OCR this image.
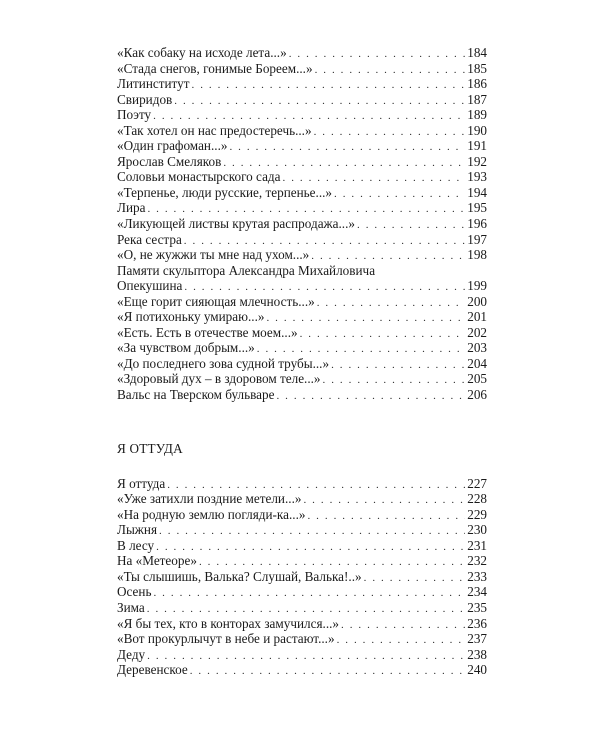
«Как собаку на исходе лета...» . . .	184
«Стада снегов, гонимые Бореем...» . . .	185
Литинститут . . .	186
Свиридов . . .	187
Поэту . . .	189
«Так хотел он нас предостеречь...» . . .	190
«Один графоман...» . . .	191
Ярослав Смеляков . . .	192
Соловьи монастырского сада . . .	193
«Терпенье, люди русские, терпенье...» . . .	194
Лира . . .	195
«Ликующей листвы крутая распродажа...» . . .	196
Река сестра . . .	197
«О, не жужжи ты мне над ухом...» . . .	198
Памяти скульптора Александра Михайловича
Опекушина . . .	199
«Еще горит сияющая млечность...» . . .	200
«Я потихоньку умираю...» . . .	201
«Есть. Есть в отечестве моем...» . . .	202
«За чувством добрым...» . . .	203
«До последнего зова судной трубы...» . . .	204
«Здоровый дух – в здоровом теле...» . . .	205
Вальс на Тверском бульваре . . .	206
Я ОТТУДА
Я оттуда . . .	227
«Уже затихли поздние метели...» . . .	228
«На родную землю погляди-ка...» . . .	229
Лыжня . . .	230
В лесу . . .	231
На «Метеоре» . . .	232
«Ты слышишь, Валька? Слушай, Валька!..» . . .	233
Осень . . .	234
Зима . . .	235
«Я бы тех, кто в конторах замучился...» . . .	236
«Вот прокурлычут в небе и растают...» . . .	237
Деду . . .	238
Деревенское . . .	240
